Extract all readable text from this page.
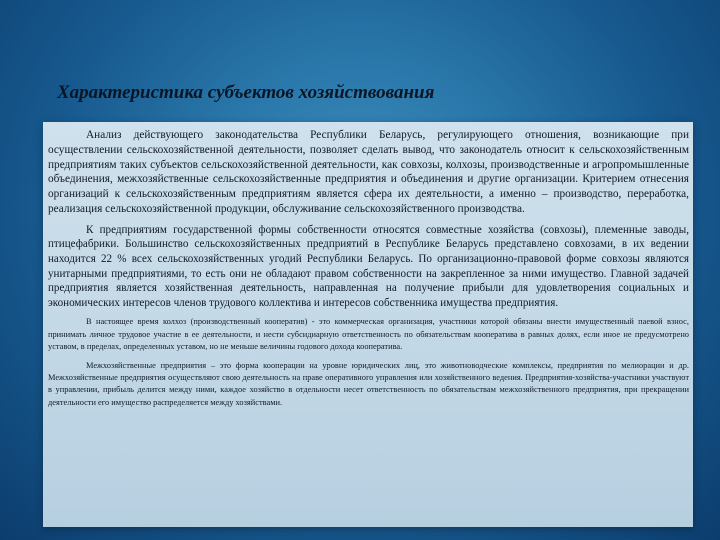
Характеристика субъектов хозяйствования

Анализ действующего законодательства Республики Беларусь, регулирующего отношения, возникающие при осуществлении сельскохозяйственной деятельности, позволяет сделать вывод, что законодатель относит к сельскохозяйственным предприятиям таких субъектов сельскохозяйственной деятельности, как совхозы, колхозы, производственные и агропромышленные объединения, межхозяйственные сельскохозяйственные предприятия и объединения и другие организации. Критерием отнесения организаций к сельскохозяйственным предприятиям является сфера их деятельности, а именно – производство, переработка, реализация сельскохозяйственной продукции, обслуживание сельскохозяйственного производства.

К предприятиям государственной формы собственности относятся совместные хозяйства (совхозы), племенные заводы, птицефабрики. Большинство сельскохозяйственных предприятий в Республике Беларусь представлено совхозами, в их ведении находится 22 % всех сельскохозяйственных угодий Республики Беларусь. По организационно-правовой форме совхозы являются унитарными предприятиями, то есть они не обладают правом собственности на закрепленное за ними имущество. Главной задачей предприятия является хозяйственная деятельность, направленная на получение прибыли для удовлетворения социальных и экономических интересов членов трудового коллектива и интересов собственника имущества предприятия.

В настоящее время колхоз (производственный кооператив) - это коммерческая организация, участники которой обязаны внести имущественный паевой взнос, принимать личное трудовое участие в ее деятельности, и нести субсидиарную ответственность по обязательствам кооператива в равных долях, если иное не предусмотрено уставом, в пределах, определенных уставом, но не меньше величины годового дохода кооператива.

Межхозяйственные предприятия – это форма кооперации на уровне юридических лиц, это животноводческие комплексы, предприятия по мелиорации и др. Межхозяйственные предприятия осуществляют свою деятельность на праве оперативного управления или хозяйственного ведения. Предприятия-хозяйства-участники участвуют в управлении, прибыль делится между ними, каждое хозяйство в отдельности несет ответственность по обязательствам межхозяйственного предприятия, при прекращении деятельности его имущество распределяется между хозяйствами.
